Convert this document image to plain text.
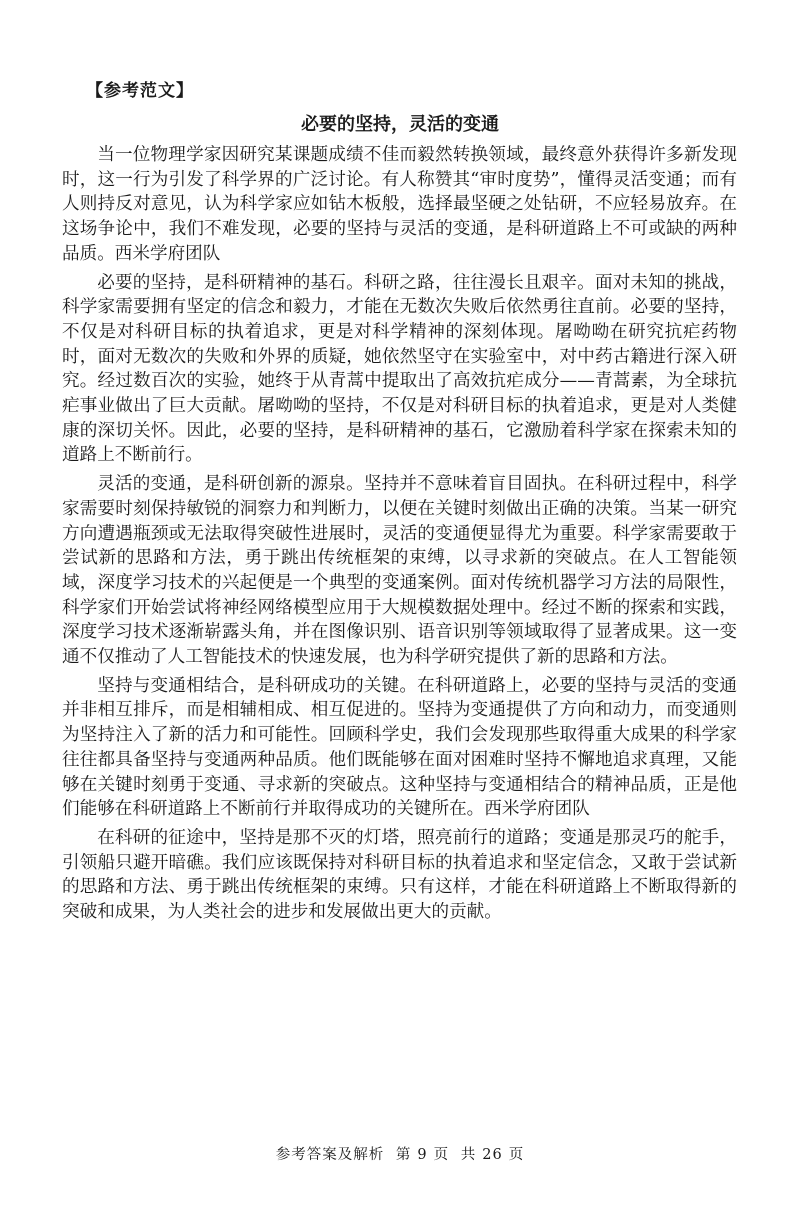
【参考范文】
必要的坚持，灵活的变通

当一位物理学家因研究某课题成绩不佳而毅然转换领域，最终意外获得许多新发现时，这一行为引发了科学界的广泛讨论。有人称赞其“审时度势”，懂得灵活变通；而有人则持反对意见，认为科学家应如钻木板般，选择最坚硬之处钻研，不应轻易放弃。在这场争论中，我们不难发现，必要的坚持与灵活的变通，是科研道路上不可或缺的两种品质。西米学府团队

必要的坚持，是科研精神的基石。科研之路，往往漫长且艰辛。面对未知的挑战，科学家需要拥有坚定的信念和毅力，才能在无数次失败后依然勇往直前。必要的坚持，不仅是对科研目标的执着追求，更是对科学精神的深刻体现。屠呦呦在研究抗疟药物时，面对无数次的失败和外界的质疑，她依然坚守在实验室中，对中药古籍进行深入研究。经过数百次的实验，她终于从青蒿中提取出了高效抗疟成分——青蒿素，为全球抗疟事业做出了巨大贡献。屠呦呦的坚持，不仅是对科研目标的执着追求，更是对人类健康的深切关怀。因此，必要的坚持，是科研精神的基石，它激励着科学家在探索未知的道路上不断前行。

灵活的变通，是科研创新的源泉。坚持并不意味着盲目固执。在科研过程中，科学家需要时刻保持敏锐的洞察力和判断力，以便在关键时刻做出正确的决策。当某一研究方向遭遇瓶颈或无法取得突破性进展时，灵活的变通便显得尤为重要。科学家需要敢于尝试新的思路和方法，勇于跳出传统框架的束缚，以寻求新的突破点。在人工智能领域，深度学习技术的兴起便是一个典型的变通案例。面对传统机器学习方法的局限性，科学家们开始尝试将神经网络模型应用于大规模数据处理中。经过不断的探索和实践，深度学习技术逐渐崭露头角，并在图像识别、语音识别等领域取得了显著成果。这一变通不仅推动了人工智能技术的快速发展，也为科学研究提供了新的思路和方法。

坚持与变通相结合，是科研成功的关键。在科研道路上，必要的坚持与灵活的变通并非相互排斥，而是相辅相成、相互促进的。坚持为变通提供了方向和动力，而变通则为坚持注入了新的活力和可能性。回顾科学史，我们会发现那些取得重大成果的科学家往往都具备坚持与变通两种品质。他们既能够在面对困难时坚持不懈地追求真理，又能够在关键时刻勇于变通、寻求新的突破点。这种坚持与变通相结合的精神品质，正是他们能够在科研道路上不断前行并取得成功的关键所在。西米学府团队

在科研的征途中，坚持是那不灭的灯塔，照亮前行的道路；变通是那灵巧的舵手，引领船只避开暗礁。我们应该既保持对科研目标的执着追求和坚定信念，又敢于尝试新的思路和方法、勇于跳出传统框架的束缚。只有这样，才能在科研道路上不断取得新的突破和成果，为人类社会的进步和发展做出更大的贡献。

参考答案及解析 第 9 页 共 26 页
